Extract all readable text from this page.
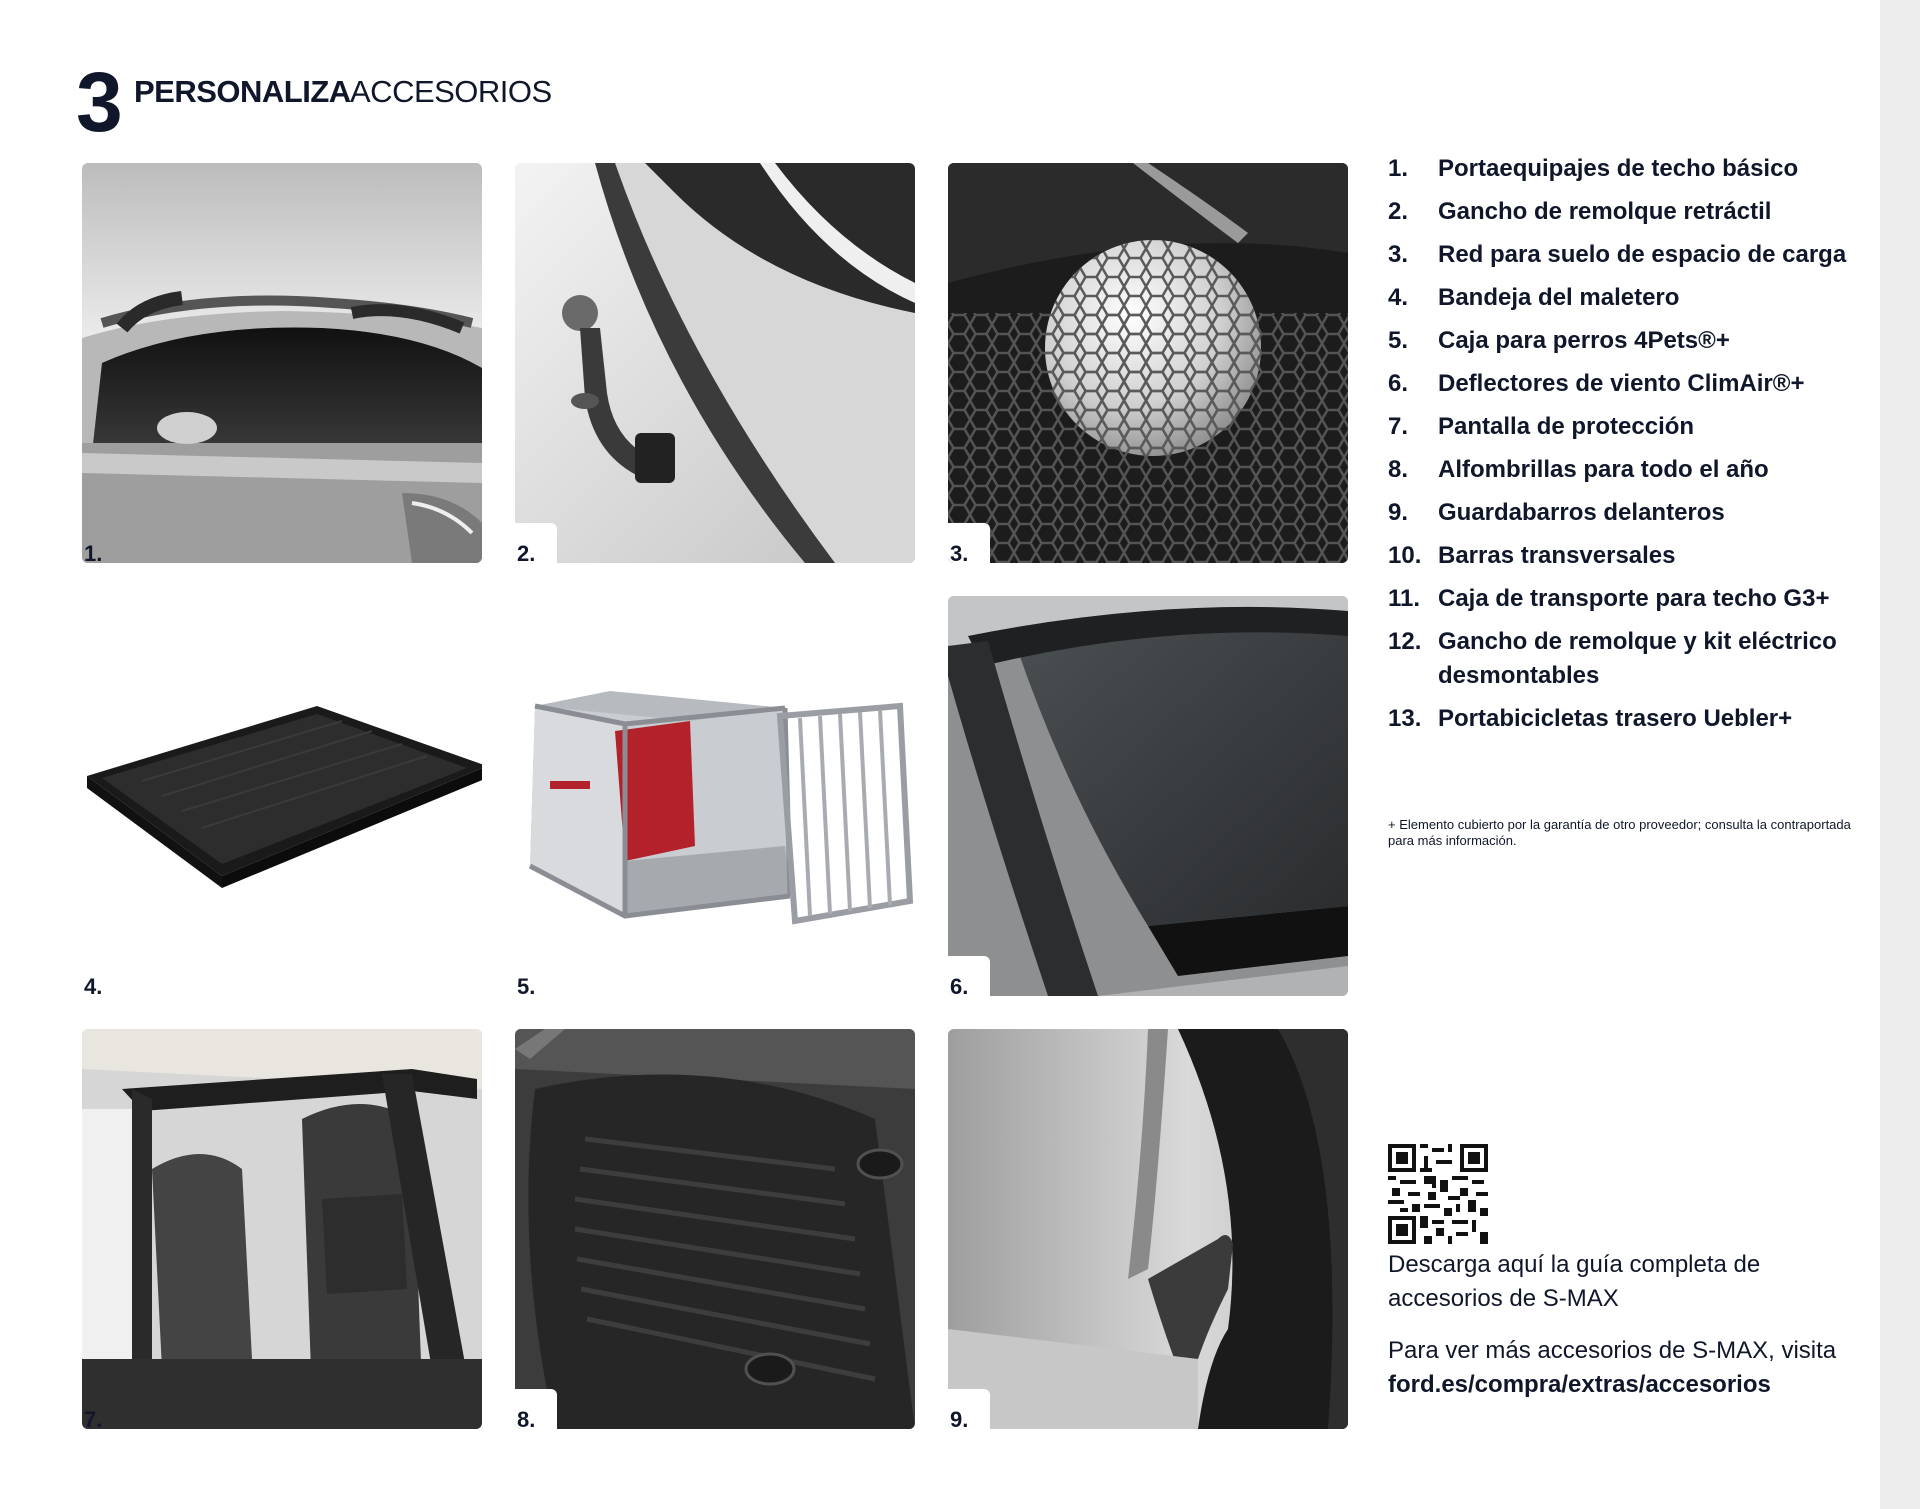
3 PERSONALIZA ACCESORIOS
1.	2.	3.
4.	5.	6.
7.	8.	9.
1.	Portaequipajes de techo básico
2.	Gancho de remolque retráctil
3.	Red para suelo de espacio de carga
4.	Bandeja del maletero
5.	Caja para perros 4Pets®+
6.	Deflectores de viento ClimAir®+
7.	Pantalla de protección
8.	Alfombrillas para todo el año
9.	Guardabarros delanteros
10. Barras transversales
11. Caja de transporte para techo G3+
12. Gancho de remolque y kit eléctrico desmontables
13. Portabicicletas trasero Uebler+
+ Elemento cubierto por la garantía de otro proveedor; consulta la contraportada para más información.
Descarga aquí la guía completa de accesorios de S-MAX
Para ver más accesorios de S-MAX, visita ford.es/compra/extras/accesorios
